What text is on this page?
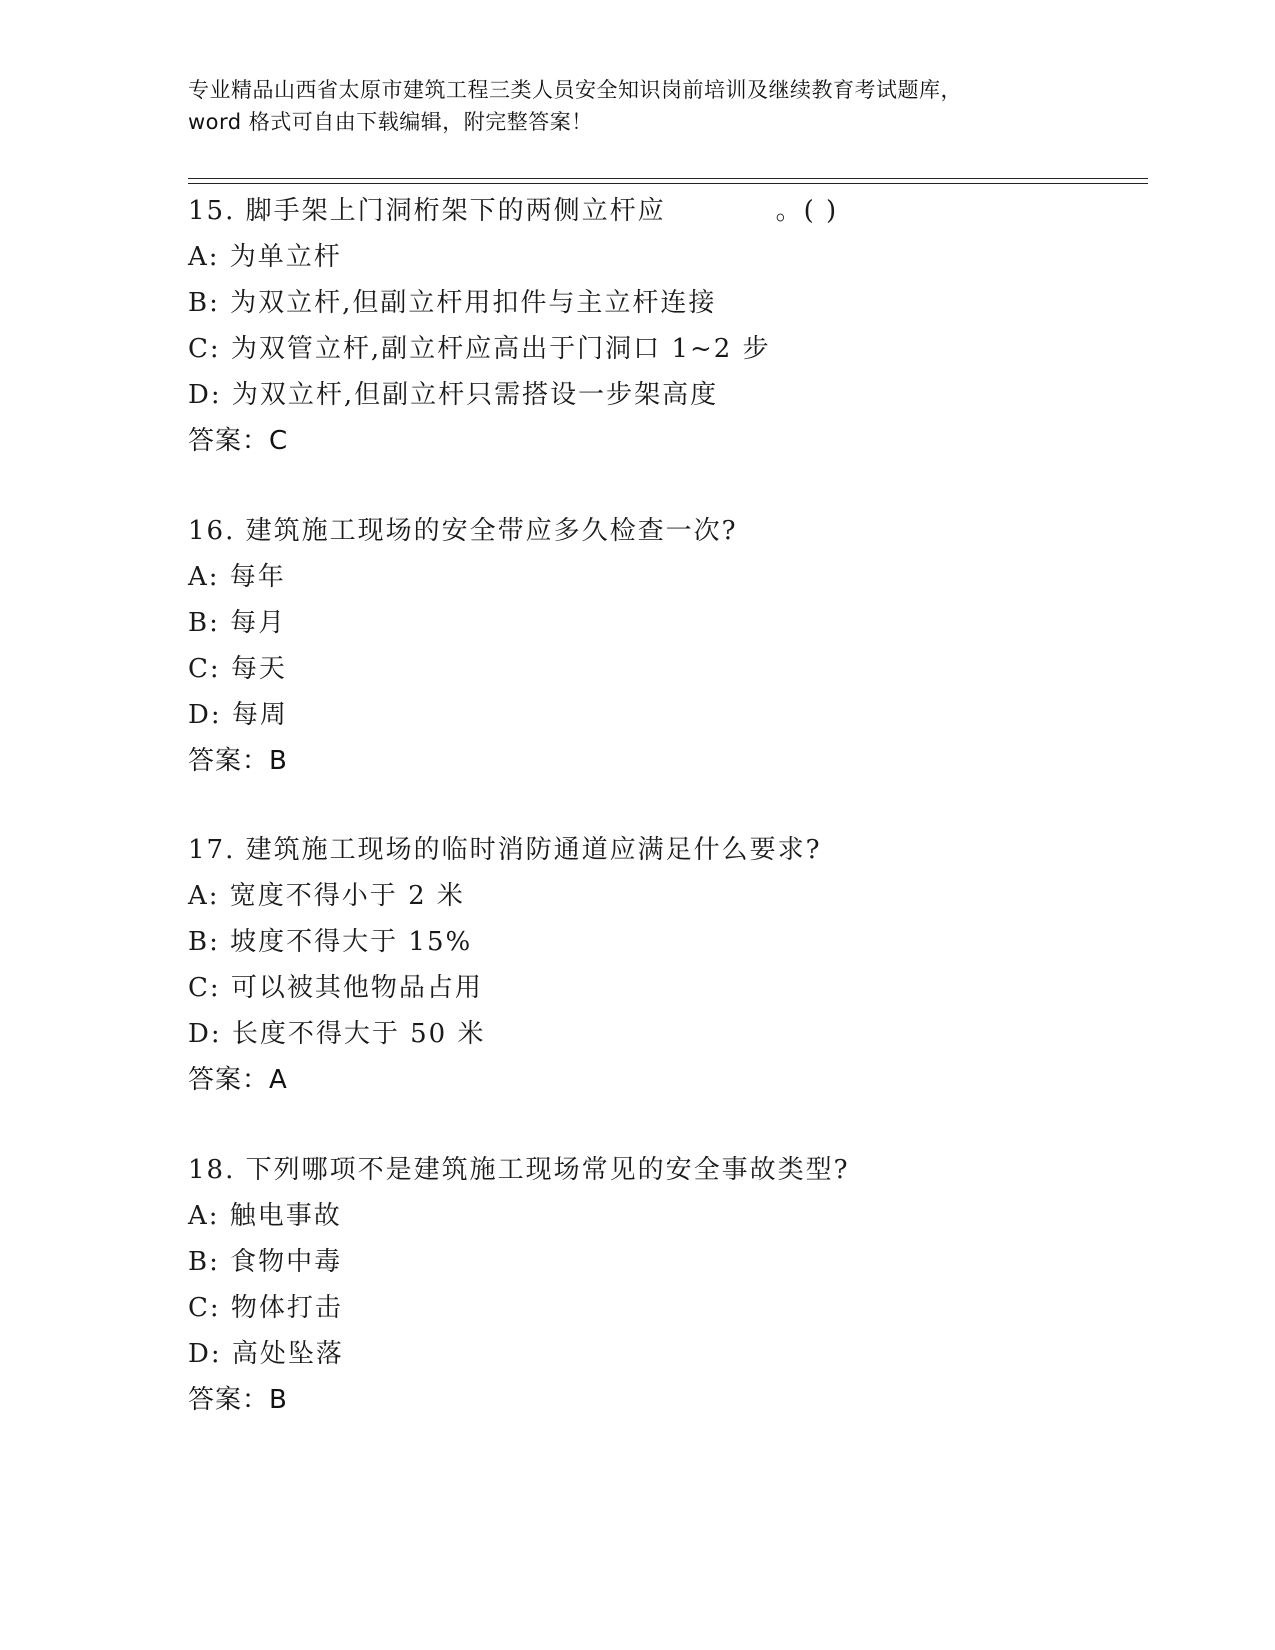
专业精品山西省太原市建筑工程三类人员安全知识岗前培训及继续教育考试题库，
word 格式可自由下载编辑，附完整答案！
15. 脚手架上门洞桁架下的两侧立杆应	。( )
A: 为单立杆
B: 为双立杆,但副立杆用扣件与主立杆连接
C: 为双管立杆,副立杆应高出于门洞口 1~2 步
D: 为双立杆,但副立杆只需搭设一步架高度
答案：C
16. 建筑施工现场的安全带应多久检查一次?
A: 每年
B: 每月
C: 每天
D: 每周
答案：B
17. 建筑施工现场的临时消防通道应满足什么要求?
A: 宽度不得小于 2 米
B: 坡度不得大于 15%
C: 可以被其他物品占用
D: 长度不得大于 50 米
答案：A
18. 下列哪项不是建筑施工现场常见的安全事故类型?
A: 触电事故
B: 食物中毒
C: 物体打击
D: 高处坠落
答案：B
